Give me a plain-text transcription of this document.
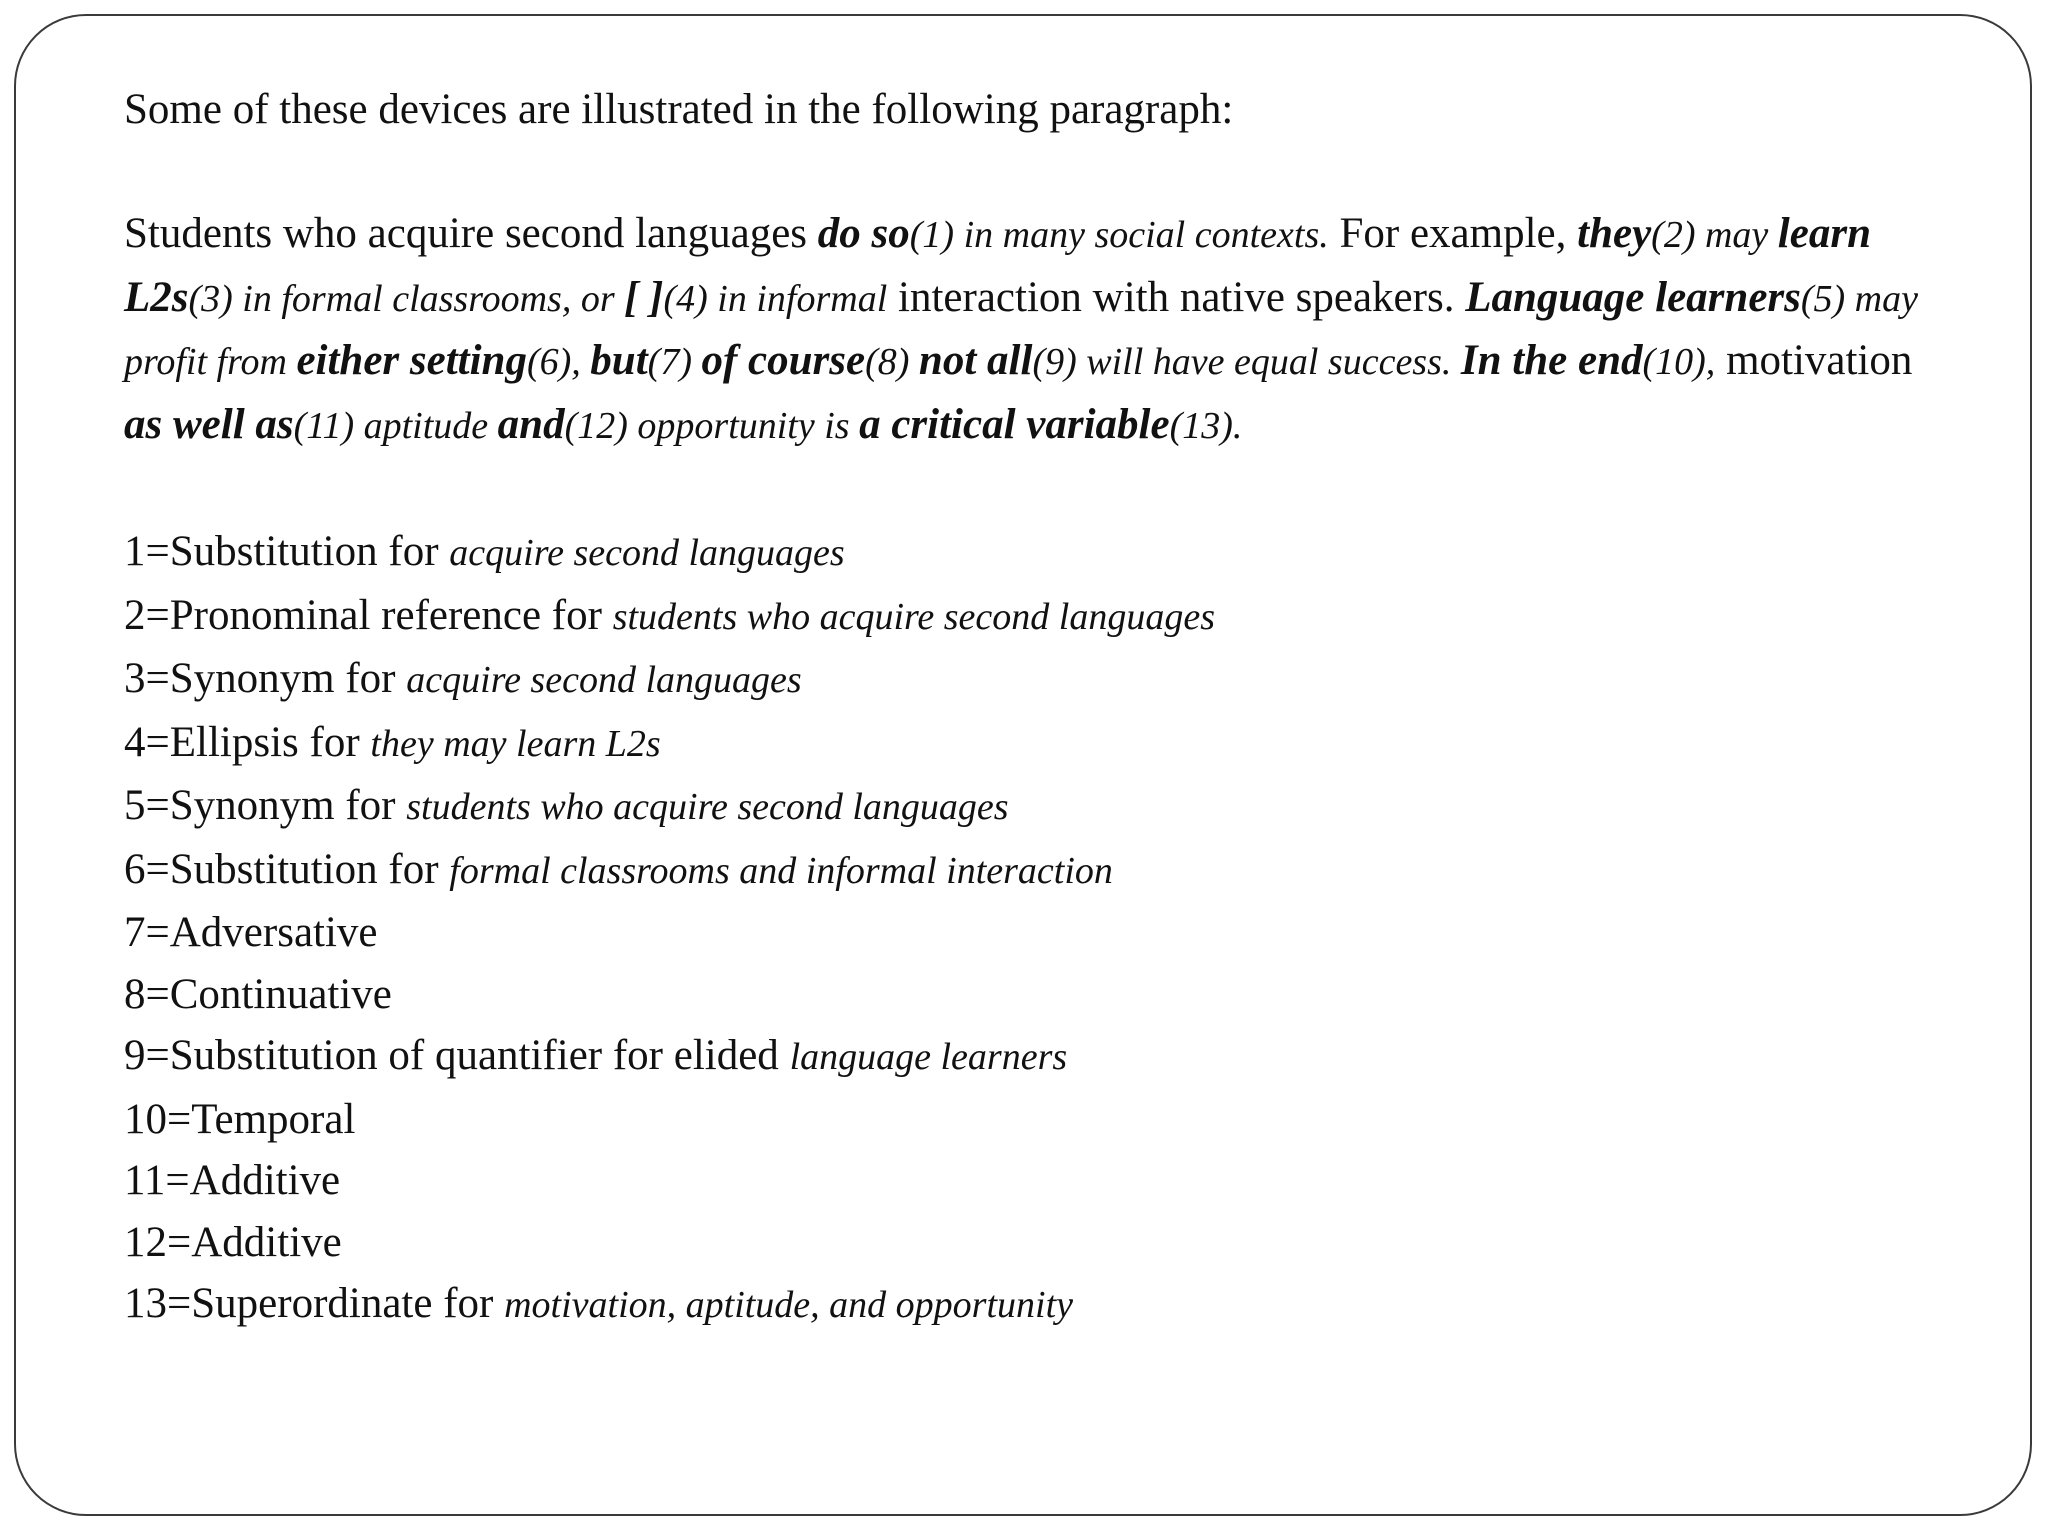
Some of these devices are illustrated in the following paragraph:

Students who acquire second languages do so(1) in many social contexts. For example, they(2) may learn L2s(3) in formal classrooms, or [ ](4) in informal interaction with native speakers. Language learners(5) may profit from either setting(6), but(7) of course(8) not all(9) will have equal success. In the end(10), motivation as well as(11) aptitude and(12) opportunity is a critical variable(13).

1=Substitution for acquire second languages
2=Pronominal reference for students who acquire second languages
3=Synonym for acquire second languages
4=Ellipsis for they may learn L2s
5=Synonym for students who acquire second languages
6=Substitution for formal classrooms and informal interaction
7=Adversative
8=Continuative
9=Substitution of quantifier for elided language learners
10=Temporal
11=Additive
12=Additive
13=Superordinate for motivation, aptitude, and opportunity
